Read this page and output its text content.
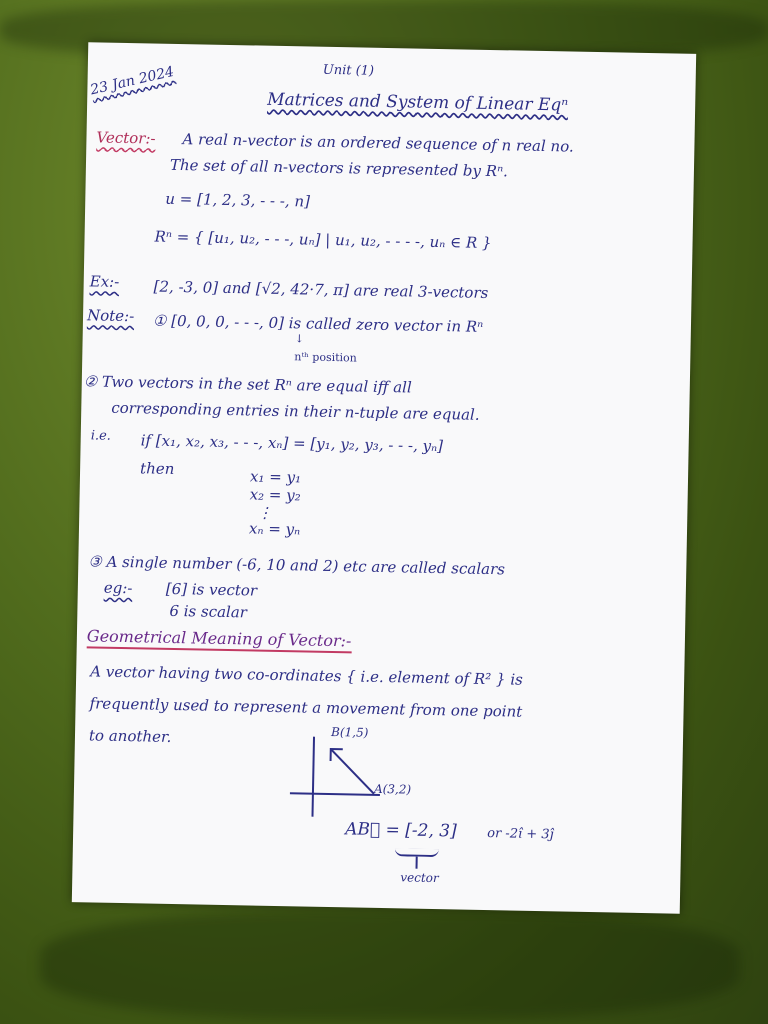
23 Jan 2024	Unit (1)
Matrices and System of Linear Eqⁿ
Vector:- A real n-vector is an ordered sequence of n real no.
The set of all n-vectors is represented by Rⁿ.
u = [1, 2, 3, - - -, n]
Rⁿ = { [u₁, u₂, - - -, uₙ] | u₁, u₂, - - - -, uₙ ∈ R }
Ex:- [2, -3, 0] and [√2, 42·7, π] are real 3-vectors
Note:- ① [0, 0, 0, - - -, 0] is called zero vector in Rⁿ
↓
nᵗʰ position
② Two vectors in the set Rⁿ are equal iff all
corresponding entries in their n-tuple are equal.
i.e. if [x₁, x₂, x₃, - - -, xₙ] = [y₁, y₂, y₃, - - -, yₙ]
then	x₁ = y₁
x₂ = y₂
⋮
xₙ = yₙ
③ A single number (-6, 10 and 2) etc are called scalars
eg:- [6] is vector
6 is scalar
Geometrical Meaning of Vector:-
A vector having two co-ordinates { i.e. element of R² } is
frequently used to represent a movement from one point
to another.	B(1,5)
A(3,2)
AB⃗ = [-2, 3] or -2î + 3ĵ
vector
